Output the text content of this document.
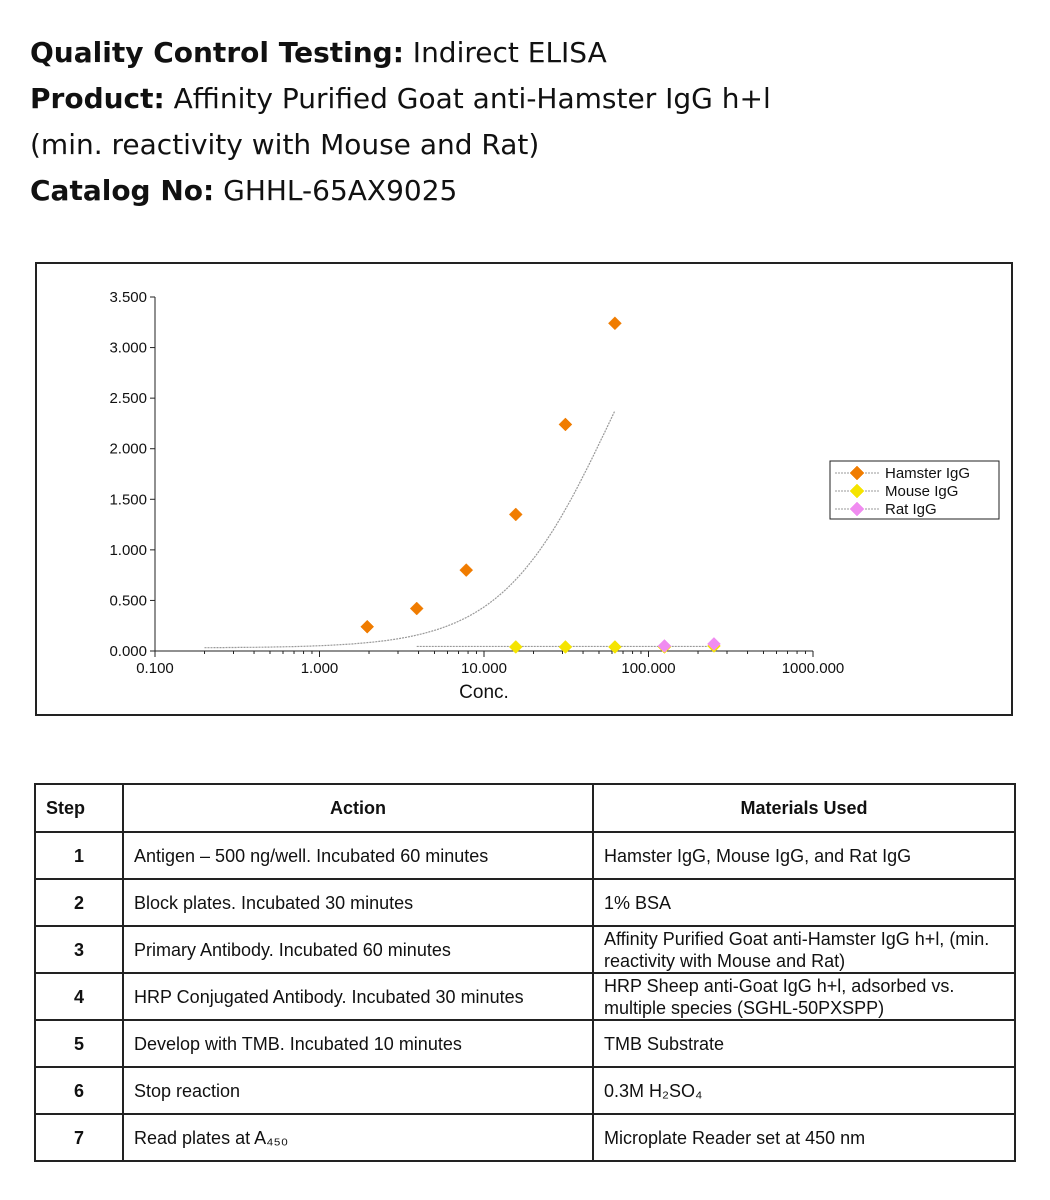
Quality Control Testing: Indirect ELISA
Product: Affinity Purified Goat anti-Hamster IgG h+l
(min. reactivity with Mouse and Rat)
Catalog No: GHHL-65AX9025
0.000
0.500
1.000
1.500
2.000
2.500
3.000
3.500
0.100	1.000	10.000	100.000	1000.000
Conc.
Hamster IgG
Mouse IgG
Rat IgG
Step	Action	Materials Used
1	Antigen – 500 ng/well. Incubated 60 minutes	Hamster IgG, Mouse IgG, and Rat IgG
2	Block plates. Incubated 30 minutes	1% BSA
3	Primary Antibody. Incubated 60 minutes	Affinity Purified Goat anti-Hamster IgG h+l, (min. reactivity with Mouse and Rat)
4	HRP Conjugated Antibody. Incubated 30 minutes	HRP Sheep anti-Goat IgG h+l, adsorbed vs. multiple species (SGHL-50PXSPP)
5	Develop with TMB. Incubated 10 minutes	TMB Substrate
6	Stop reaction	0.3M H₂SO₄
7	Read plates at A₄₅₀	Microplate Reader set at 450 nm
